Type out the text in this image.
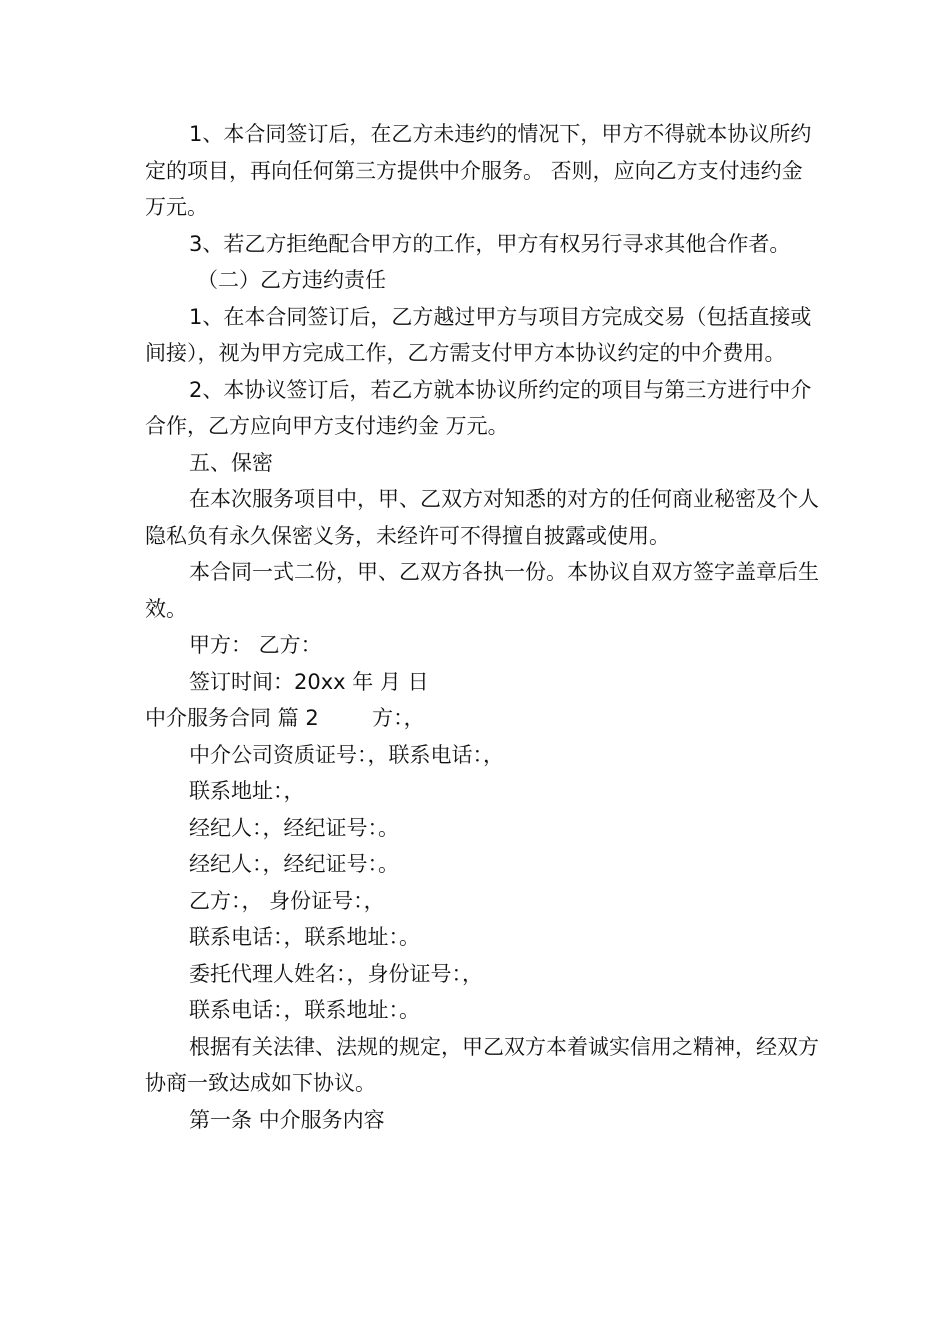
1、本合同签订后，在乙方未违约的情况下，甲方不得就本协议所约定的项目，再向任何第三方提供中介服务。 否则，应向乙方支付违约金 万元。

3、若乙方拒绝配合甲方的工作，甲方有权另行寻求其他合作者。

（二）乙方违约责任

1、在本合同签订后，乙方越过甲方与项目方完成交易（包括直接或间接），视为甲方完成工作，乙方需支付甲方本协议约定的中介费用。

2、本协议签订后，若乙方就本协议所约定的项目与第三方进行中介合作，乙方应向甲方支付违约金 万元。

五、保密

在本次服务项目中，甲、乙双方对知悉的对方的任何商业秘密及个人隐私负有永久保密义务，未经许可不得擅自披露或使用。

本合同一式二份，甲、乙双方各执一份。本协议自双方签字盖章后生效。

甲方： 乙方：

签订时间：20xx 年 月 日

中介服务合同 篇 2        方：，

中介公司资质证号：，联系电话：，

联系地址：，

经纪人：，经纪证号：。

经纪人：，经纪证号：。

乙方：， 身份证号：，

联系电话：，联系地址：。

委托代理人姓名：，身份证号：，

联系电话：，联系地址：。

根据有关法律、法规的规定，甲乙双方本着诚实信用之精神，经双方协商一致达成如下协议。

第一条 中介服务内容
